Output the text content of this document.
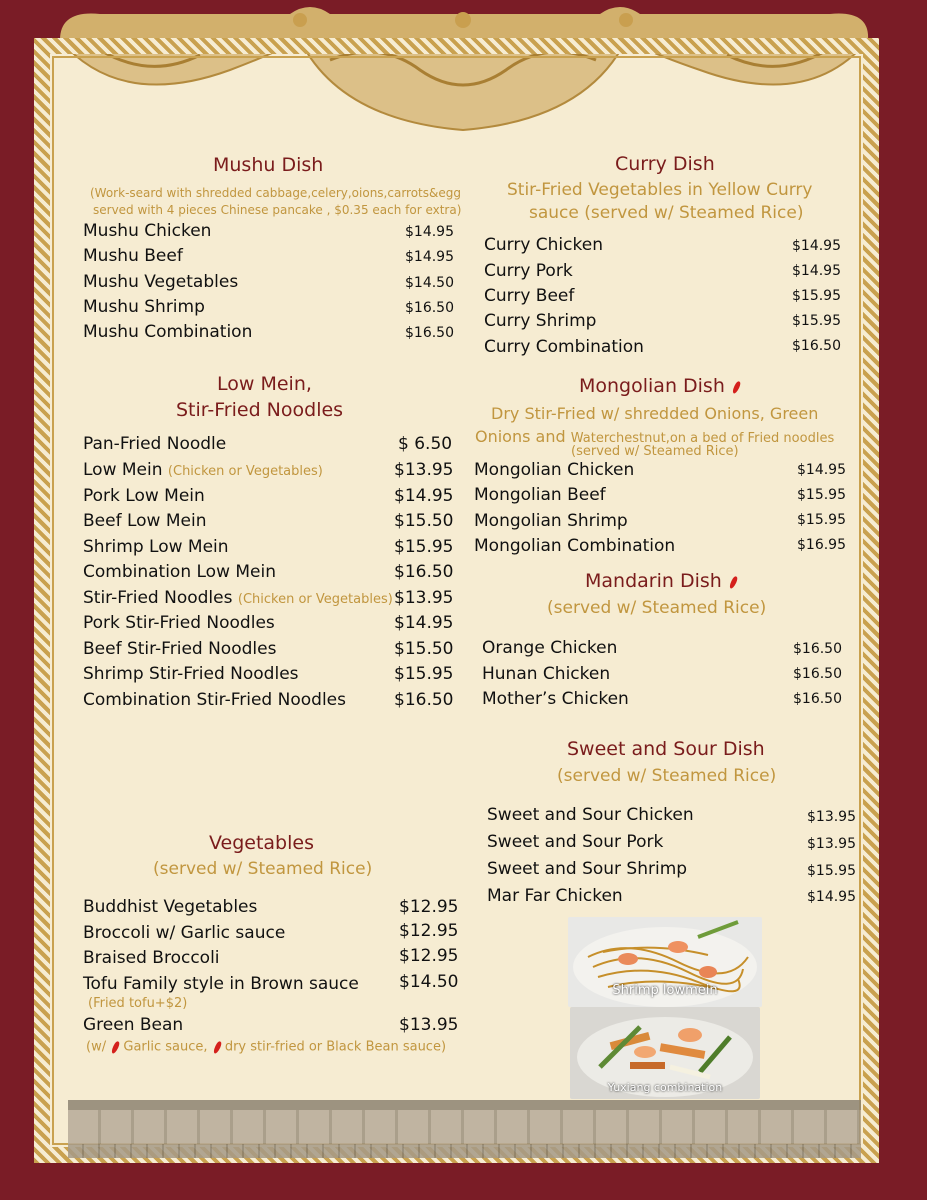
Mushu Dish
(Work-seard with shredded cabbage,celery,oions,carrots&egg
served with 4 pieces Chinese pancake , $0.35 each for extra)
Mushu Chicken	$14.95
Mushu Beef	$14.95
Mushu Vegetables	$14.50
Mushu Shrimp	$16.50
Mushu Combination	$16.50
Low Mein,
Stir-Fried Noodles
Pan-Fried Noodle	$ 6.50
Low Mein (Chicken or Vegetables)	$13.95
Pork Low Mein	$14.95
Beef Low Mein	$15.50
Shrimp Low Mein	$15.95
Combination Low Mein	$16.50
Stir-Fried Noodles (Chicken or Vegetables) $13.95
Pork Stir-Fried Noodles	$14.95
Beef Stir-Fried Noodles	$15.50
Shrimp Stir-Fried Noodles	$15.95
Combination Stir-Fried Noodles	$16.50
Vegetables
(served w/ Steamed Rice)
Buddhist Vegetables	$12.95
Broccoli w/ Garlic sauce	$12.95
Braised Broccoli	$12.95
Tofu Family style in Brown sauce $14.50
(Fried tofu+$2)
Green Bean	$13.95
(w/ Garlic sauce, dry stir-fried or Black Bean sauce)
Curry Dish
Stir-Fried Vegetables in Yellow Curry
sauce (served w/ Steamed Rice)
Curry Chicken	$14.95
Curry Pork	$14.95
Curry Beef	$15.95
Curry Shrimp	$15.95
Curry Combination	$16.50
Mongolian Dish
Dry Stir-Fried w/ shredded Onions, Green
Onions and Waterchestnut,on a bed of Fried noodles
(served w/ Steamed Rice)
Mongolian Chicken	$14.95
Mongolian Beef	$15.95
Mongolian Shrimp	$15.95
Mongolian Combination	$16.95
Mandarin Dish
(served w/ Steamed Rice)
Orange Chicken	$16.50
Hunan Chicken	$16.50
Mother’s Chicken	$16.50
Sweet and Sour Dish
(served w/ Steamed Rice)
Sweet and Sour Chicken	$13.95
Sweet and Sour Pork	$13.95
Sweet and Sour Shrimp	$15.95
Mar Far Chicken	$14.95
Shrimp lowmein
Yuxiang combination
